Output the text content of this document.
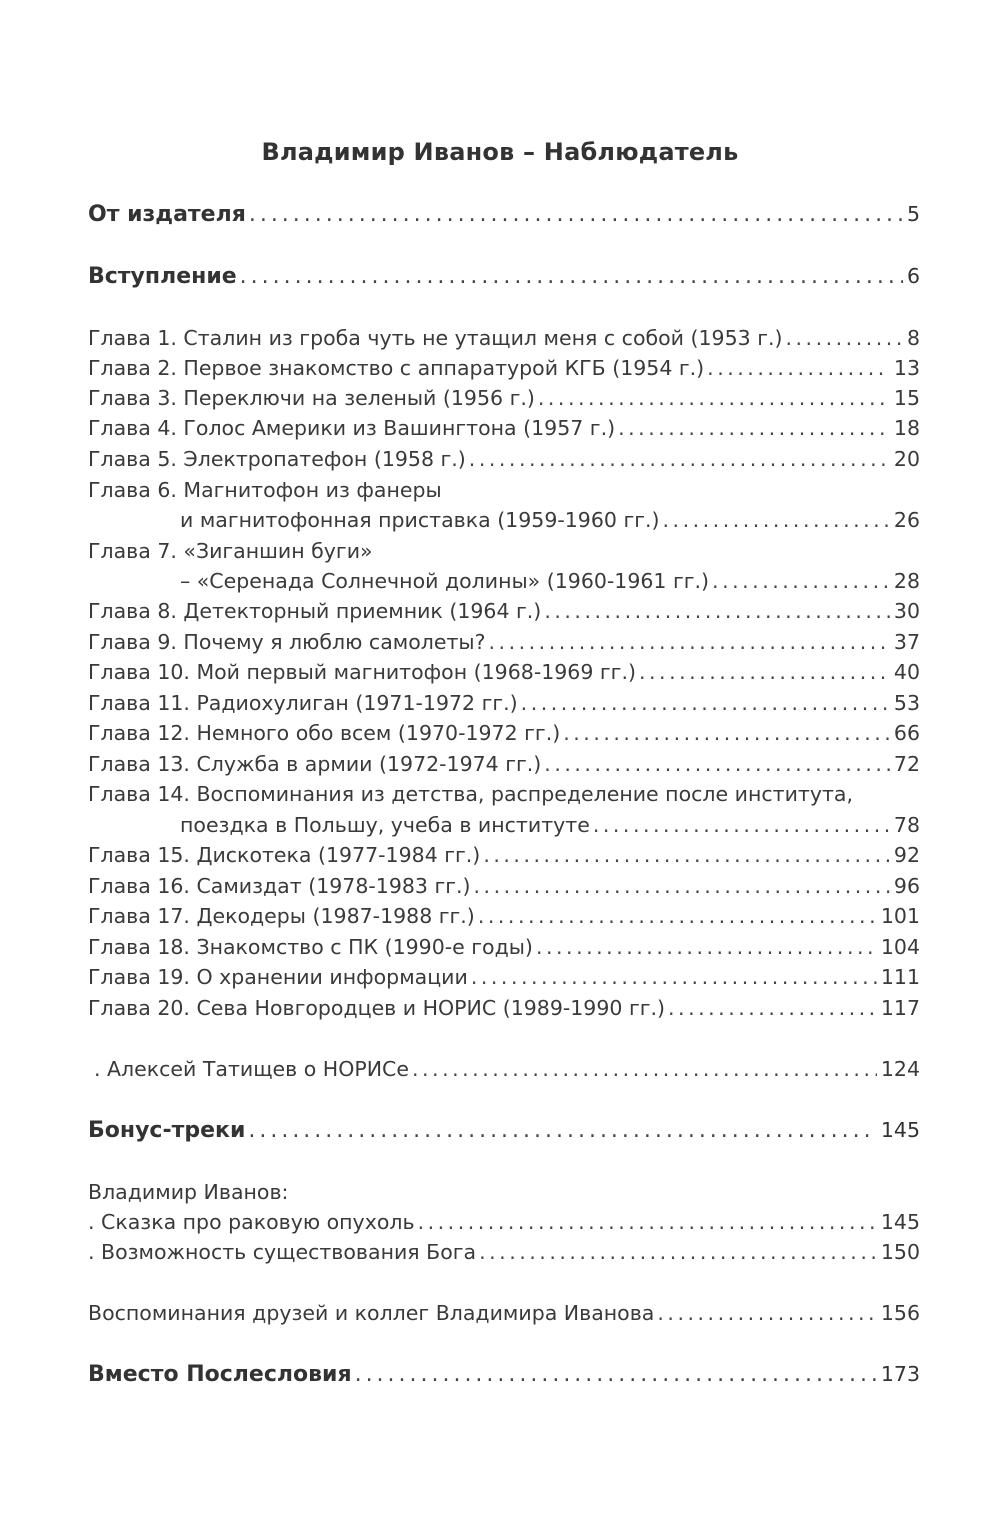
Владимир Иванов – Наблюдатель
От издателя . . .	5
Вступление . . .	6
Глава 1. Сталин из гроба чуть не утащил меня с собой (1953 г.) . . .	8
Глава 2. Первое знакомство с аппаратурой КГБ (1954 г.) . . .	13
Глава 3. Переключи на зеленый (1956 г.) . . .	15
Глава 4. Голос Америки из Вашингтона (1957 г.) . . .	18
Глава 5. Электропатефон (1958 г.) . . .	20
Глава 6. Магнитофон из фанеры
и магнитофонная приставка (1959-1960 гг.) . . .	26
Глава 7. «Зиганшин буги»
– «Серенада Солнечной долины» (1960-1961 гг.) . . .	28
Глава 8. Детекторный приемник (1964 г.) . . .	30
Глава 9. Почему я люблю самолеты? . . .	37
Глава 10. Мой первый магнитофон (1968-1969 гг.) . . .	40
Глава 11. Радиохулиган (1971-1972 гг.) . . .	53
Глава 12. Немного обо всем (1970-1972 гг.) . . .	66
Глава 13. Служба в армии (1972-1974 гг.) . . .	72
Глава 14. Воспоминания из детства, распределение после института,
поездка в Польшу, учеба в институте . . .	78
Глава 15. Дискотека (1977-1984 гг.) . . .	92
Глава 16. Самиздат (1978-1983 гг.) . . .	96
Глава 17. Декодеры (1987-1988 гг.) . . .	101
Глава 18. Знакомство с ПК (1990-е годы) . . .	104
Глава 19. О хранении информации . . .	111
Глава 20. Сева Новгородцев и НОРИС (1989-1990 гг.) . . .	117
. Алексей Татищев о НОРИСе . . .	124
Бонус-треки . . .	145
Владимир Иванов:
. Сказка про раковую опухоль . . .	145
. Возможность существования Бога . . .	150
Воспоминания друзей и коллег Владимира Иванова . . .	156
Вместо Послесловия . . .	173
